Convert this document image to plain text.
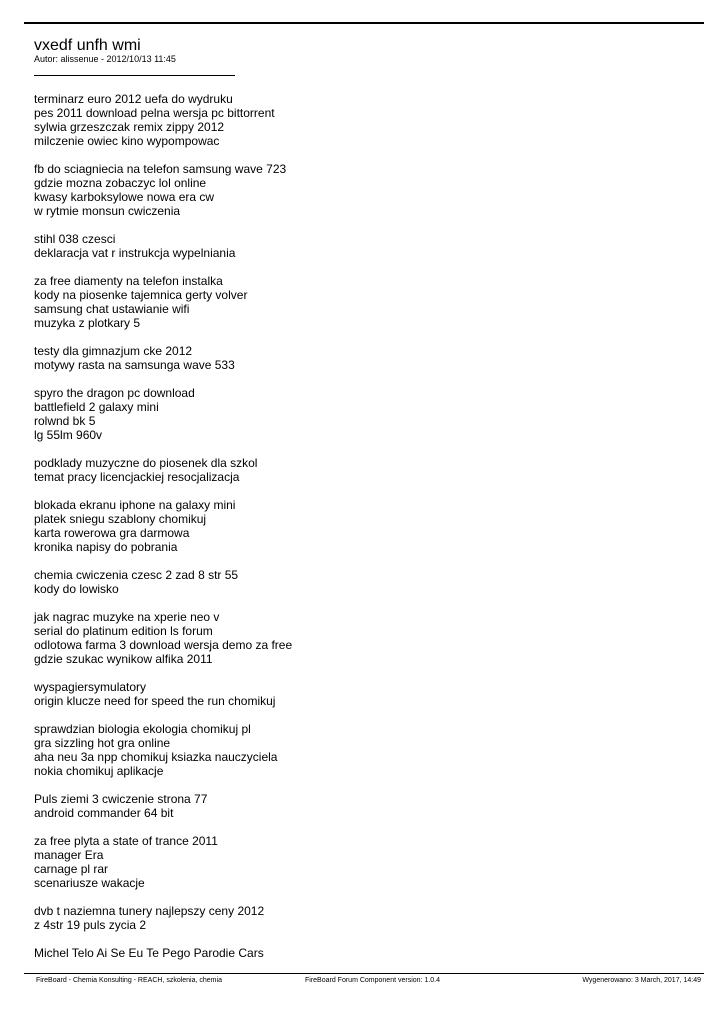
vxedf unfh wmi
Autor: alissenue - 2012/10/13 11:45
terminarz euro 2012 uefa do wydruku
pes 2011 download pelna wersja pc bittorrent
sylwia grzeszczak remix zippy 2012
milczenie owiec kino wypompowac
fb do sciagniecia na telefon samsung wave 723
gdzie mozna zobaczyc lol online
kwasy karboksylowe nowa era cw
w rytmie monsun cwiczenia
stihl 038 czesci
deklaracja vat r instrukcja wypelniania
za free diamenty na telefon instalka
kody na piosenke tajemnica gerty volver
samsung chat ustawianie wifi
muzyka z plotkary 5
testy dla gimnazjum cke 2012
motywy rasta na samsunga wave 533
spyro the dragon pc download
battlefield 2 galaxy mini
rolwnd bk 5
lg 55lm 960v
podklady muzyczne do piosenek dla szkol
temat pracy licencjackiej resocjalizacja
blokada ekranu iphone na galaxy mini
platek sniegu szablony chomikuj
karta rowerowa gra darmowa
kronika napisy do pobrania
chemia cwiczenia czesc 2 zad 8 str 55
kody do lowisko
jak nagrac muzyke na xperie neo v
serial do platinum edition ls forum
odlotowa farma 3 download wersja demo za free
gdzie szukac wynikow alfika 2011
wyspagiersymulatory
origin klucze need for speed the run chomikuj
sprawdzian biologia ekologia chomikuj pl
gra sizzling hot gra online
aha neu 3a npp chomikuj ksiazka nauczyciela
nokia chomikuj aplikacje
Puls ziemi 3 cwiczenie strona 77
android commander 64 bit
za free plyta a state of trance 2011
manager Era
carnage pl rar
scenariusze wakacje
dvb t naziemna tunery najlepszy ceny 2012
z 4str 19 puls zycia 2
Michel Telo Ai Se Eu Te Pego Parodie Cars
FireBoard - Chemia Konsulting - REACH, szkolenia, chemia	FireBoard Forum Component version: 1.0.4	Wygenerowano: 3 March, 2017, 14:49
